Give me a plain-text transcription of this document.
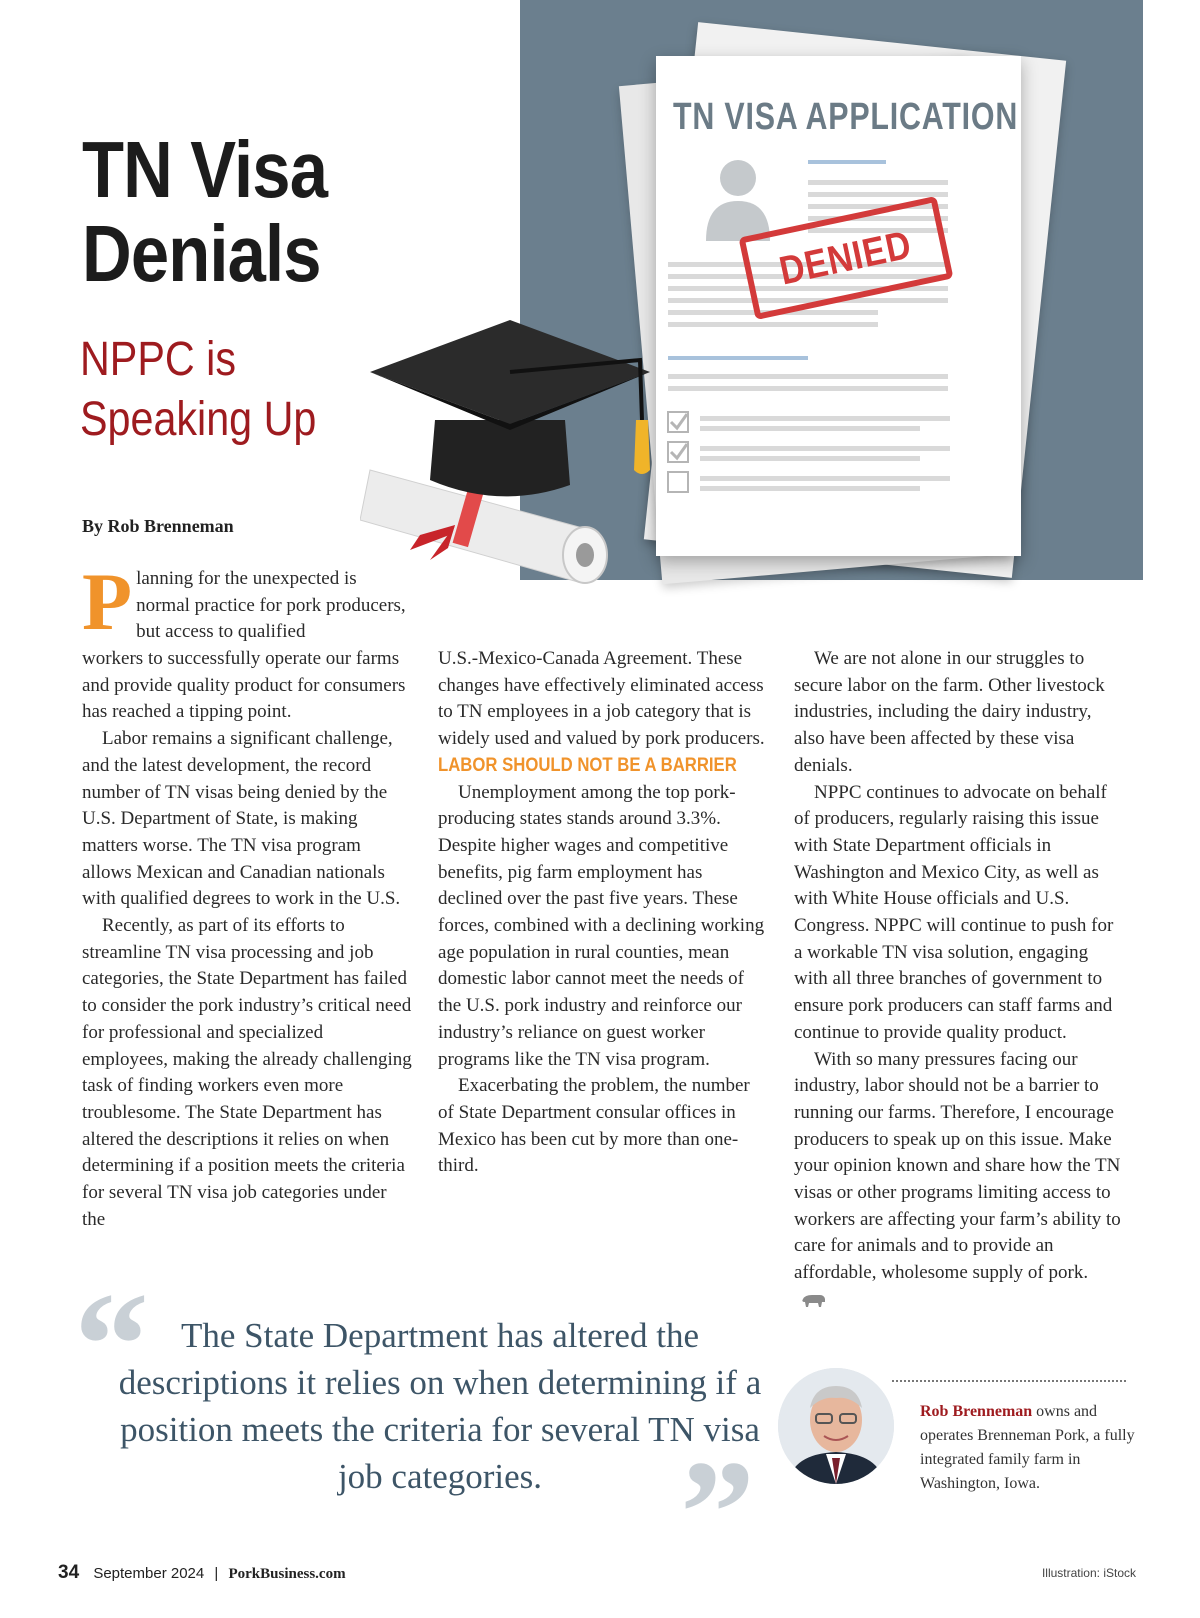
TN Visa
Denials
NPPC is
Speaking Up
By Rob Brenneman
TN VISA APPLICATION
DENIED
P lanning for the unexpected is normal practice for pork producers, but access to qualified

workers to successfully operate our farms and provide quality product for consumers has reached a tipping point.

Labor remains a significant challenge, and the latest development, the record number of TN visas being denied by the U.S. Department of State, is making matters worse. The TN visa program allows Mexican and Canadian nationals with qualified degrees to work in the U.S.

Recently, as part of its efforts to streamline TN visa processing and job categories, the State Department has failed to consider the pork industry’s critical need for professional and specialized employees, making the already challenging task of finding workers even more troublesome. The State Department has altered the descriptions it relies on when determining if a position meets the criteria for several TN visa job categories under the

U.S.-Mexico-Canada Agreement. These changes have effectively eliminated access to TN employees in a job category that is widely used and valued by pork producers.

LABOR SHOULD NOT BE A BARRIER

Unemployment among the top pork-producing states stands around 3.3%. Despite higher wages and competitive benefits, pig farm employment has declined over the past five years. These forces, combined with a declining working age population in rural counties, mean domestic labor cannot meet the needs of the U.S. pork industry and reinforce our industry’s reliance on guest worker programs like the TN visa program.

Exacerbating the problem, the number of State Department consular offices in Mexico has been cut by more than one-third.

We are not alone in our struggles to secure labor on the farm. Other livestock industries, including the dairy industry, also have been affected by these visa denials.

NPPC continues to advocate on behalf of producers, regularly raising this issue with State Department officials in Washington and Mexico City, as well as with White House officials and U.S. Congress. NPPC will continue to push for a workable TN visa solution, engaging with all three branches of government to ensure pork producers can staff farms and continue to provide quality product.

With so many pressures facing our industry, labor should not be a barrier to running our farms. Therefore, I encourage producers to speak up on this issue. Make your opinion known and share how the TN visas or other programs limiting access to workers are affecting your farm’s ability to care for animals and to provide an affordable, wholesome supply of pork.

“ The State Department has altered the descriptions it relies on when determining if a position meets the criteria for several TN visa job categories. ”
Rob Brenneman owns and operates Brenneman Pork, a fully integrated family farm in Washington, Iowa.
34 September 2024 | PorkBusiness.com	Illustration: iStock
